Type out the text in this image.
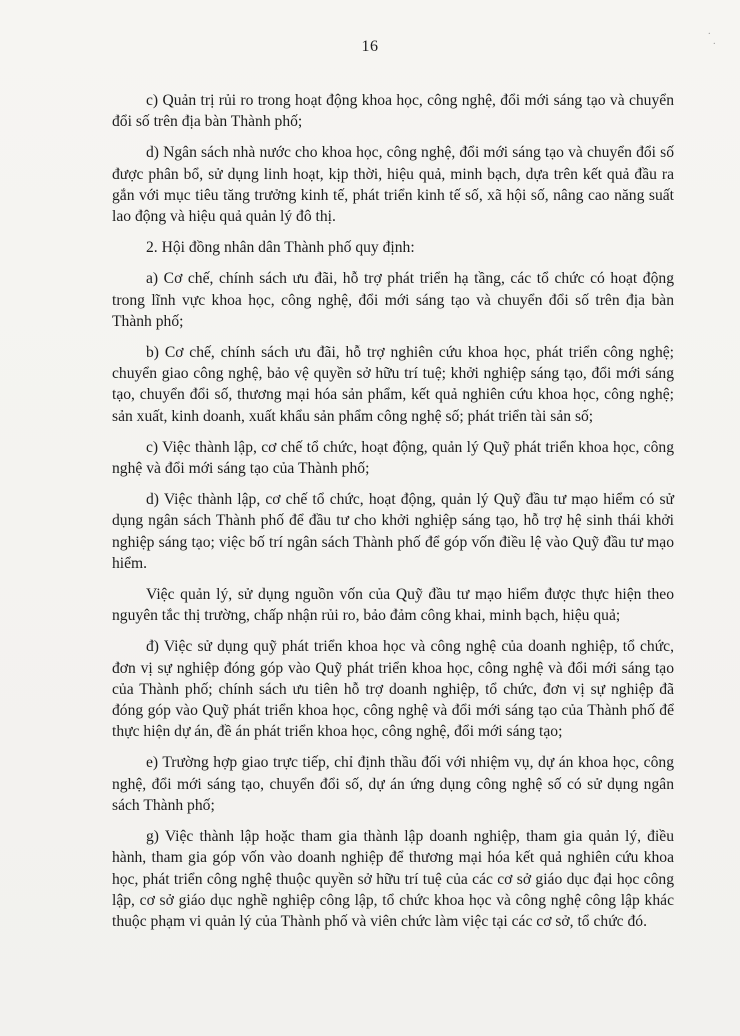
16
·
·

c) Quản trị rủi ro trong hoạt động khoa học, công nghệ, đổi mới sáng tạo và chuyển đổi số trên địa bàn Thành phố;

d) Ngân sách nhà nước cho khoa học, công nghệ, đổi mới sáng tạo và chuyển đổi số được phân bổ, sử dụng linh hoạt, kịp thời, hiệu quả, minh bạch, dựa trên kết quả đầu ra gắn với mục tiêu tăng trưởng kinh tế, phát triển kinh tế số, xã hội số, nâng cao năng suất lao động và hiệu quả quản lý đô thị.

2. Hội đồng nhân dân Thành phố quy định:

a) Cơ chế, chính sách ưu đãi, hỗ trợ phát triển hạ tầng, các tổ chức có hoạt động trong lĩnh vực khoa học, công nghệ, đổi mới sáng tạo và chuyển đổi số trên địa bàn Thành phố;

b) Cơ chế, chính sách ưu đãi, hỗ trợ nghiên cứu khoa học, phát triển công nghệ; chuyển giao công nghệ, bảo vệ quyền sở hữu trí tuệ; khởi nghiệp sáng tạo, đổi mới sáng tạo, chuyển đổi số, thương mại hóa sản phẩm, kết quả nghiên cứu khoa học, công nghệ; sản xuất, kinh doanh, xuất khẩu sản phẩm công nghệ số; phát triển tài sản số;

c) Việc thành lập, cơ chế tổ chức, hoạt động, quản lý Quỹ phát triển khoa học, công nghệ và đổi mới sáng tạo của Thành phố;

d) Việc thành lập, cơ chế tổ chức, hoạt động, quản lý Quỹ đầu tư mạo hiểm có sử dụng ngân sách Thành phố để đầu tư cho khởi nghiệp sáng tạo, hỗ trợ hệ sinh thái khởi nghiệp sáng tạo; việc bố trí ngân sách Thành phố để góp vốn điều lệ vào Quỹ đầu tư mạo hiểm.

Việc quản lý, sử dụng nguồn vốn của Quỹ đầu tư mạo hiểm được thực hiện theo nguyên tắc thị trường, chấp nhận rủi ro, bảo đảm công khai, minh bạch, hiệu quả;

đ) Việc sử dụng quỹ phát triển khoa học và công nghệ của doanh nghiệp, tổ chức, đơn vị sự nghiệp đóng góp vào Quỹ phát triển khoa học, công nghệ và đổi mới sáng tạo của Thành phố; chính sách ưu tiên hỗ trợ doanh nghiệp, tổ chức, đơn vị sự nghiệp đã đóng góp vào Quỹ phát triển khoa học, công nghệ và đổi mới sáng tạo của Thành phố để thực hiện dự án, đề án phát triển khoa học, công nghệ, đổi mới sáng tạo;

e) Trường hợp giao trực tiếp, chỉ định thầu đối với nhiệm vụ, dự án khoa học, công nghệ, đổi mới sáng tạo, chuyển đổi số, dự án ứng dụng công nghệ số có sử dụng ngân sách Thành phố;

g) Việc thành lập hoặc tham gia thành lập doanh nghiệp, tham gia quản lý, điều hành, tham gia góp vốn vào doanh nghiệp để thương mại hóa kết quả nghiên cứu khoa học, phát triển công nghệ thuộc quyền sở hữu trí tuệ của các cơ sở giáo dục đại học công lập, cơ sở giáo dục nghề nghiệp công lập, tổ chức khoa học và công nghệ công lập khác thuộc phạm vi quản lý của Thành phố và viên chức làm việc tại các cơ sở, tổ chức đó.
